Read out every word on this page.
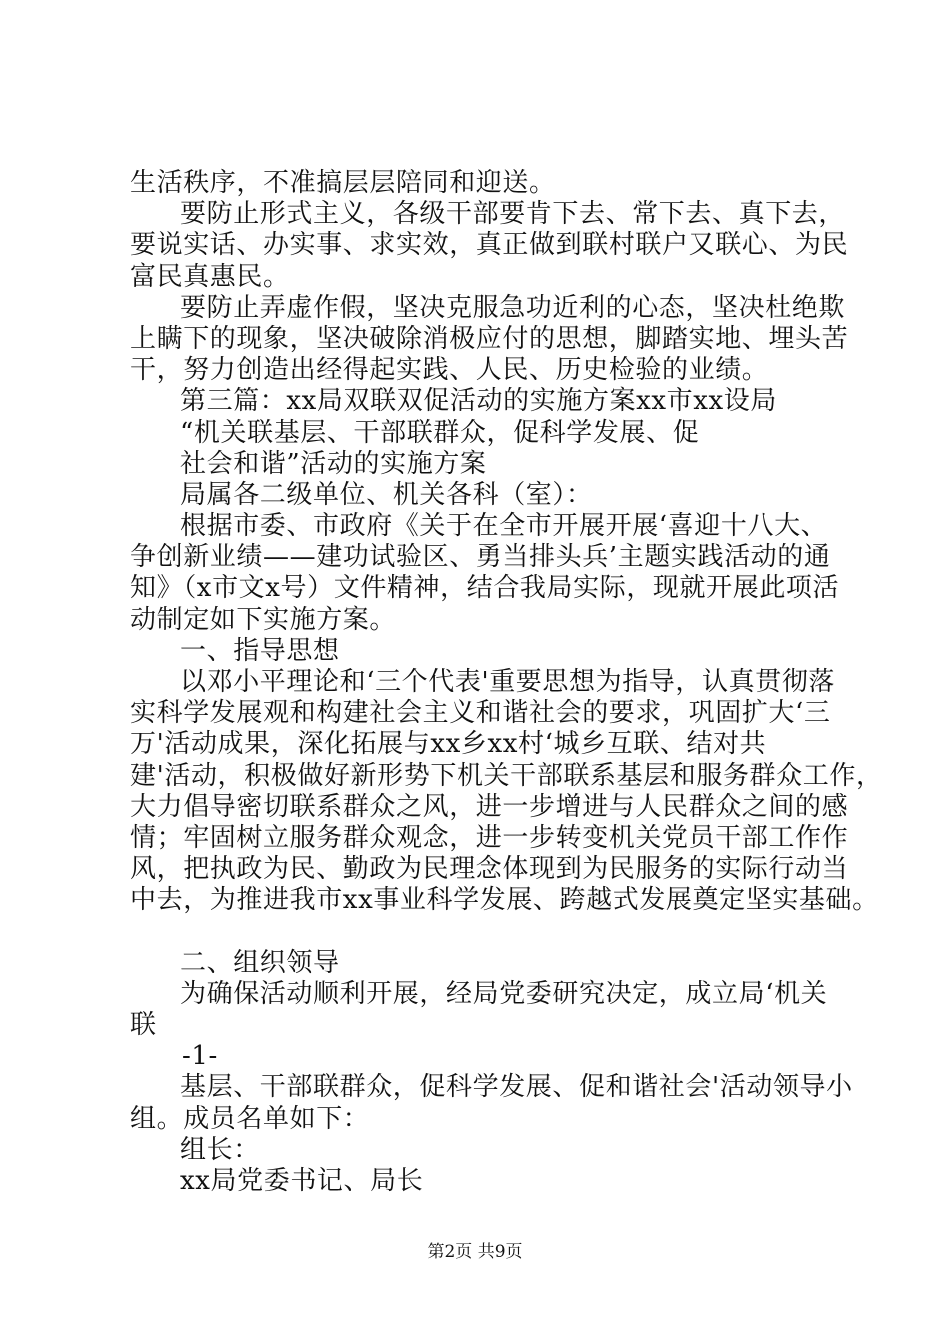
生活秩序，不准搞层层陪同和迎送。
要防止形式主义，各级干部要肯下去、常下去、真下去，
要说实话、办实事、求实效，真正做到联村联户又联心、为民
富民真惠民。
要防止弄虚作假，坚决克服急功近利的心态，坚决杜绝欺
上瞒下的现象，坚决破除消极应付的思想，脚踏实地、埋头苦
干，努力创造出经得起实践、人民、历史检验的业绩。
第三篇：xx局双联双促活动的实施方案xx市xx设局
“机关联基层、干部联群众，促科学发展、促
社会和谐”活动的实施方案
局属各二级单位、机关各科（室）：
根据市委、市政府《关于在全市开展开展‘喜迎十八大、
争创新业绩——建功试验区、勇当排头兵’主题实践活动的通
知》（x市文x号）文件精神，结合我局实际，现就开展此项活
动制定如下实施方案。
一、指导思想
以邓小平理论和‘三个代表'重要思想为指导，认真贯彻落
实科学发展观和构建社会主义和谐社会的要求，巩固扩大‘三
万'活动成果，深化拓展与xx乡xx村‘城乡互联、结对共
建'活动，积极做好新形势下机关干部联系基层和服务群众工作，
大力倡导密切联系群众之风，进一步增进与人民群众之间的感
情；牢固树立服务群众观念，进一步转变机关党员干部工作作
风，把执政为民、勤政为民理念体现到为民服务的实际行动当
中去，为推进我市xx事业科学发展、跨越式发展奠定坚实基础。
二、组织领导
为确保活动顺利开展，经局党委研究决定，成立局‘机关
联
-1-
基层、干部联群众，促科学发展、促和谐社会'活动领导小
组。成员名单如下：
组长：
xx局党委书记、局长
第2页 共9页
